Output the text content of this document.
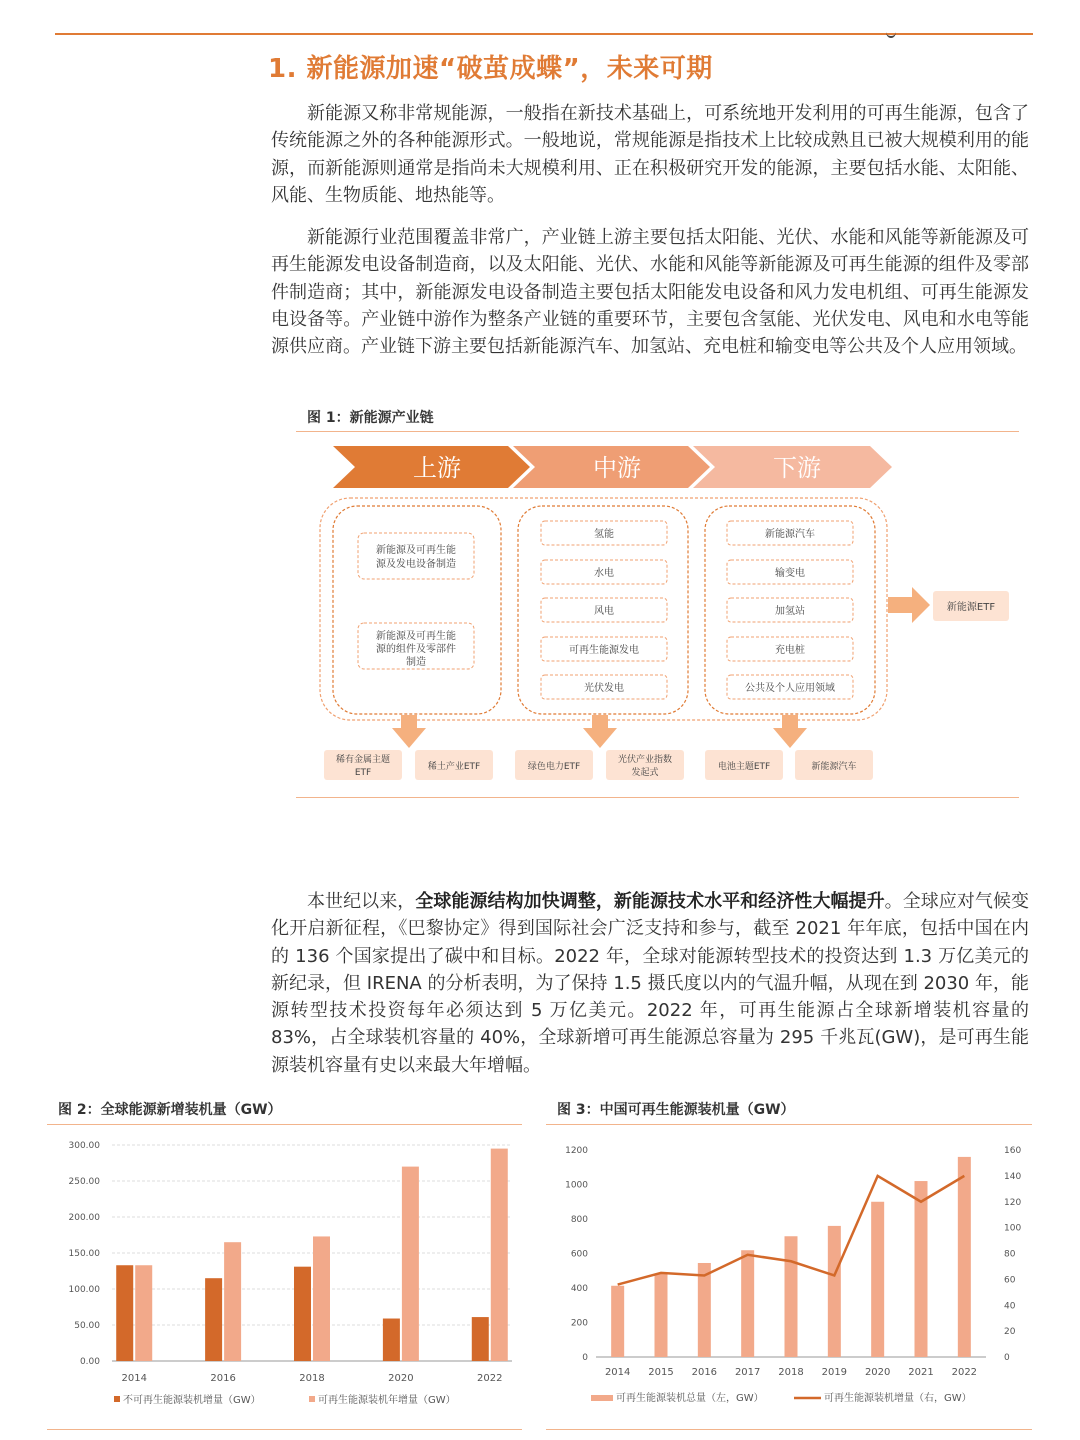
1. 新能源加速“破茧成蝶”，未来可期

新能源又称非常规能源，一般指在新技术基础上，可系统地开发利用的可再生能源，包含了传统能源之外的各种能源形式。一般地说，常规能源是指技术上比较成熟且已被大规模利用的能源，而新能源则通常是指尚未大规模利用、正在积极研究开发的能源，主要包括水能、太阳能、风能、生物质能、地热能等。

新能源行业范围覆盖非常广，产业链上游主要包括太阳能、光伏、水能和风能等新能源及可再生能源发电设备制造商，以及太阳能、光伏、水能和风能等新能源及可再生能源的组件及零部件制造商；其中，新能源发电设备制造主要包括太阳能发电设备和风力发电机组、可再生能源发电设备等。产业链中游作为整条产业链的重要环节，主要包含氢能、光伏发电、风电和水电等能源供应商。产业链下游主要包括新能源汽车、加氢站、充电桩和输变电等公共及个人应用领域。

图 1：新能源产业链
上游	中游	下游
新能源及可再生能
源及发电设备制造
新能源及可再生能
源的组件及零部件
制造
氢能
水电
风电
可再生能源发电
光伏发电
新能源汽车
输变电
加氢站
充电桩
公共及个人应用领域
新能源ETF
稀有金属主题
ETF
稀土产业ETF	绿色电力ETF
光伏产业指数
发起式
电池主题ETF	新能源汽车

本世纪以来，全球能源结构加快调整，新能源技术水平和经济性大幅提升。全球应对气候变化开启新征程，《巴黎协定》得到国际社会广泛支持和参与，截至 2021 年年底，包括中国在内的 136 个国家提出了碳中和目标。2022 年，全球对能源转型技术的投资达到 1.3 万亿美元的新纪录，但 IRENA 的分析表明，为了保持 1.5 摄氏度以内的气温升幅，从现在到 2030 年，能源转型技术投资每年必须达到 5 万亿美元。2022 年，可再生能源占全球新增装机容量的 83%，占全球装机容量的 40%，全球新增可再生能源总容量为 295 千兆瓦(GW)，是可再生能源装机容量有史以来最大年增幅。

图 2：全球能源新增装机量（GW）
0.00
50.00
100.00
150.00
200.00
250.00
300.00
2014	2016	2018	2020	2022
不可再生能源装机增量（GW）	可再生能源装机年增量（GW）
图 3：中国可再生能源装机量（GW）
0
200
400
600
800
1000
1200
0
20
40
60
80
100
120
140
160
2014 2015 2016 2017 2018 2019 2020 2021 2022
可再生能源装机总量（左，GW）	可再生能源装机增量（右，GW）
